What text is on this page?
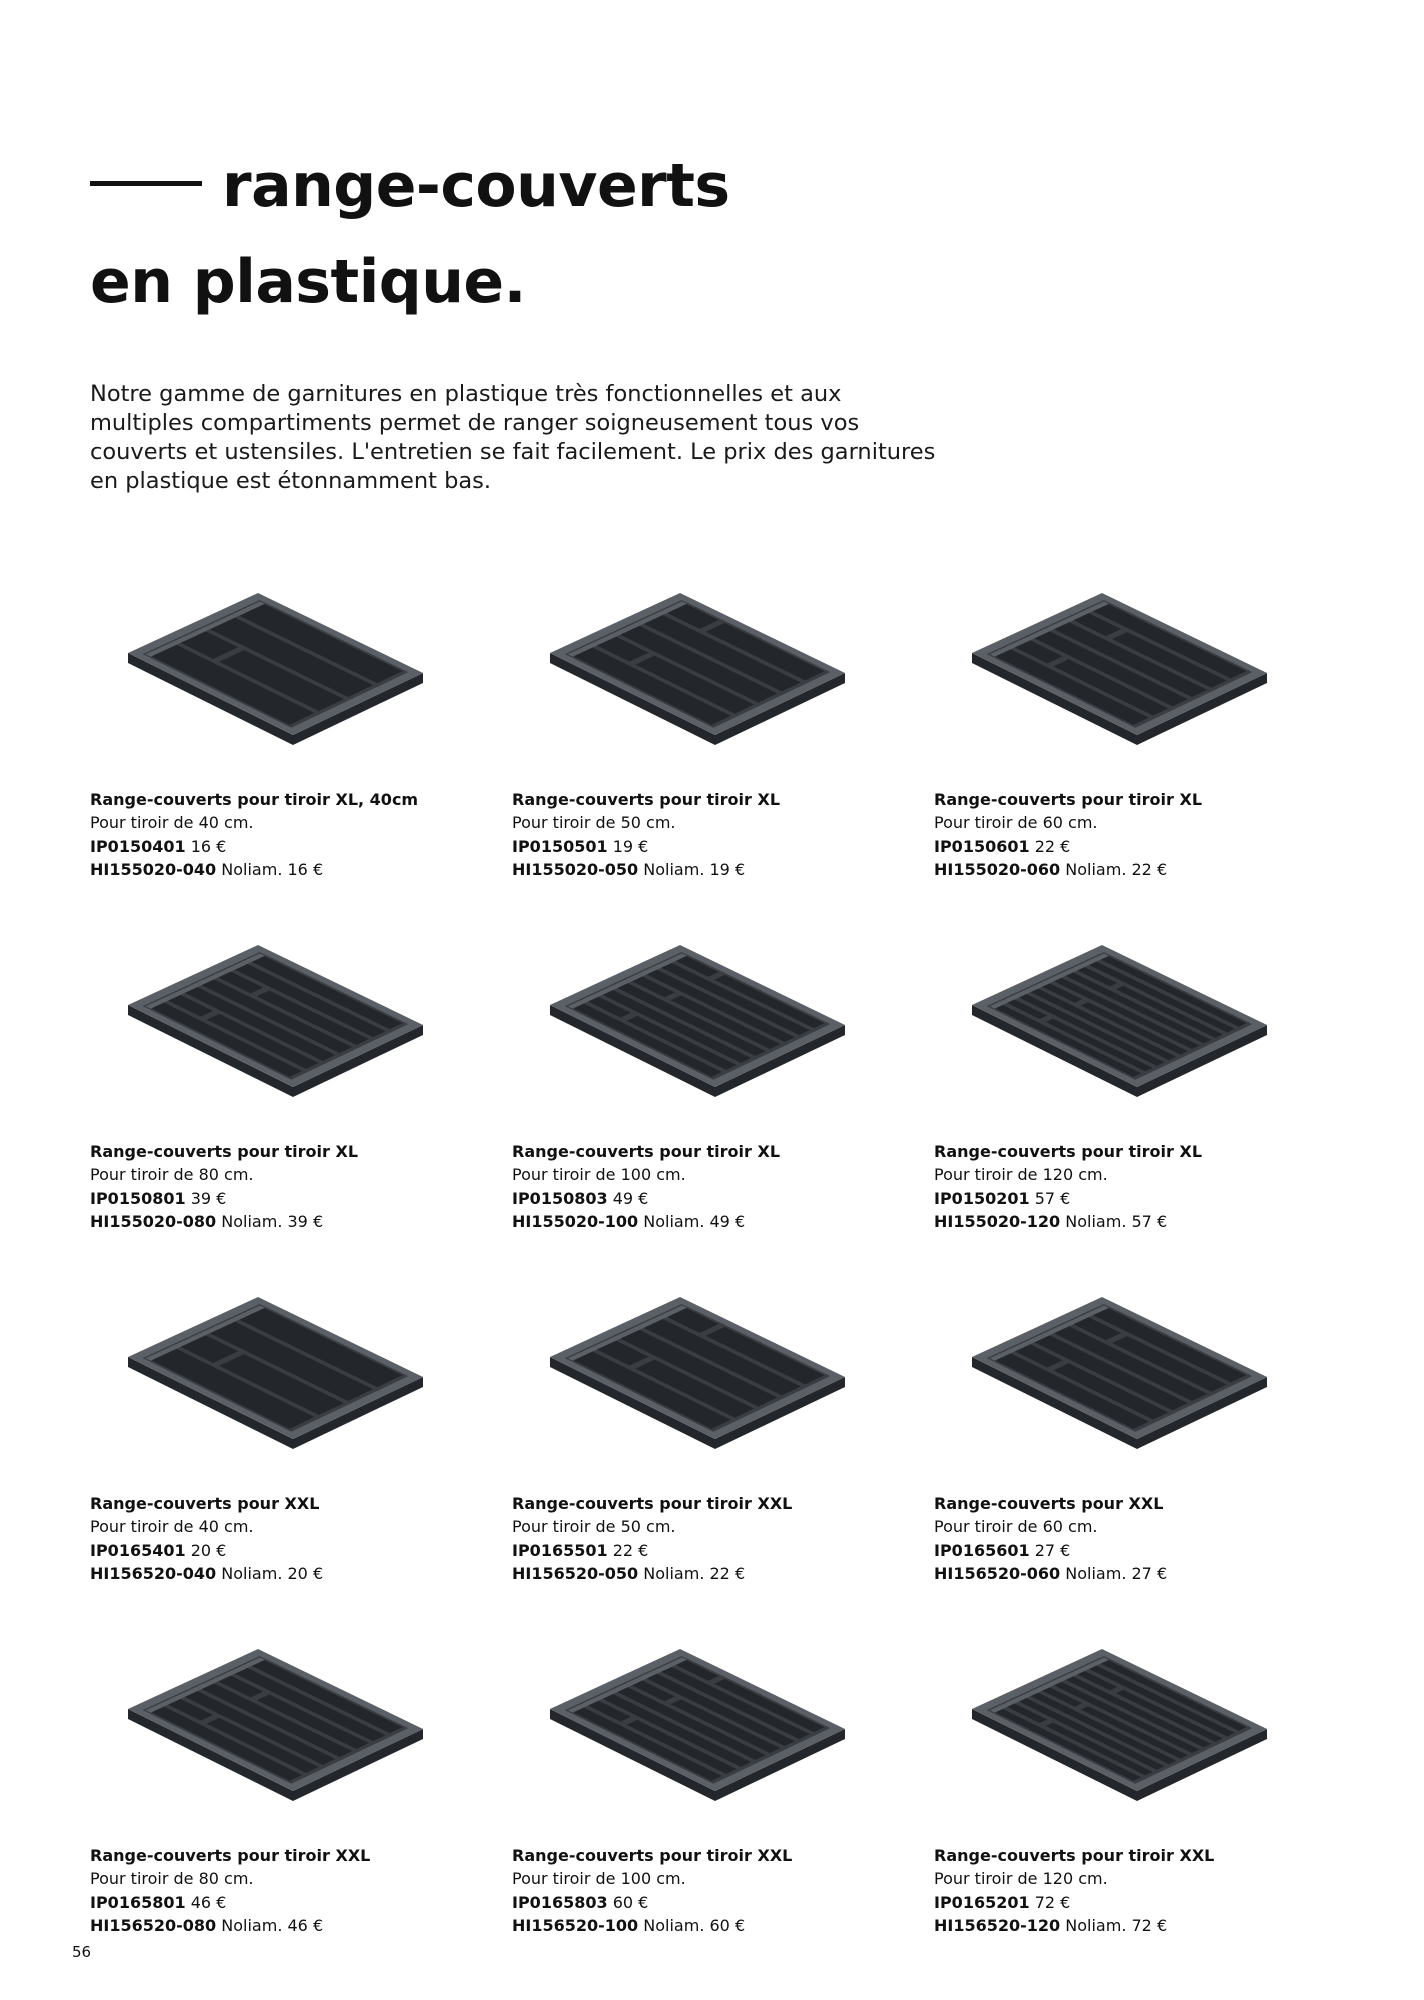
range-couverts
en plastique.

Notre gamme de garnitures en plastique très fonctionnelles et aux multiples compartiments permet de ranger soigneusement tous vos couverts et ustensiles. L'entretien se fait facilement. Le prix des garnitures en plastique est étonnamment bas.

Range-couverts pour tiroir XL, 40cm
Pour tiroir de 40 cm.
IP0150401 16 €
HI155020-040 Noliam. 16 €
Range-couverts pour tiroir XL
Pour tiroir de 50 cm.
IP0150501 19 €
HI155020-050 Noliam. 19 €
Range-couverts pour tiroir XL
Pour tiroir de 60 cm.
IP0150601 22 €
HI155020-060 Noliam. 22 €
Range-couverts pour tiroir XL
Pour tiroir de 80 cm.
IP0150801 39 €
HI155020-080 Noliam. 39 €
Range-couverts pour tiroir XL
Pour tiroir de 100 cm.
IP0150803 49 €
HI155020-100 Noliam. 49 €
Range-couverts pour tiroir XL
Pour tiroir de 120 cm.
IP0150201 57 €
HI155020-120 Noliam. 57 €
Range-couverts pour XXL
Pour tiroir de 40 cm.
IP0165401 20 €
HI156520-040 Noliam. 20 €
Range-couverts pour tiroir XXL
Pour tiroir de 50 cm.
IP0165501 22 €
HI156520-050 Noliam. 22 €
Range-couverts pour XXL
Pour tiroir de 60 cm.
IP0165601 27 €
HI156520-060 Noliam. 27 €
Range-couverts pour tiroir XXL
Pour tiroir de 80 cm.
IP0165801 46 €
HI156520-080 Noliam. 46 €
Range-couverts pour tiroir XXL
Pour tiroir de 100 cm.
IP0165803 60 €
HI156520-100 Noliam. 60 €
Range-couverts pour tiroir XXL
Pour tiroir de 120 cm.
IP0165201 72 €
HI156520-120 Noliam. 72 €
56
